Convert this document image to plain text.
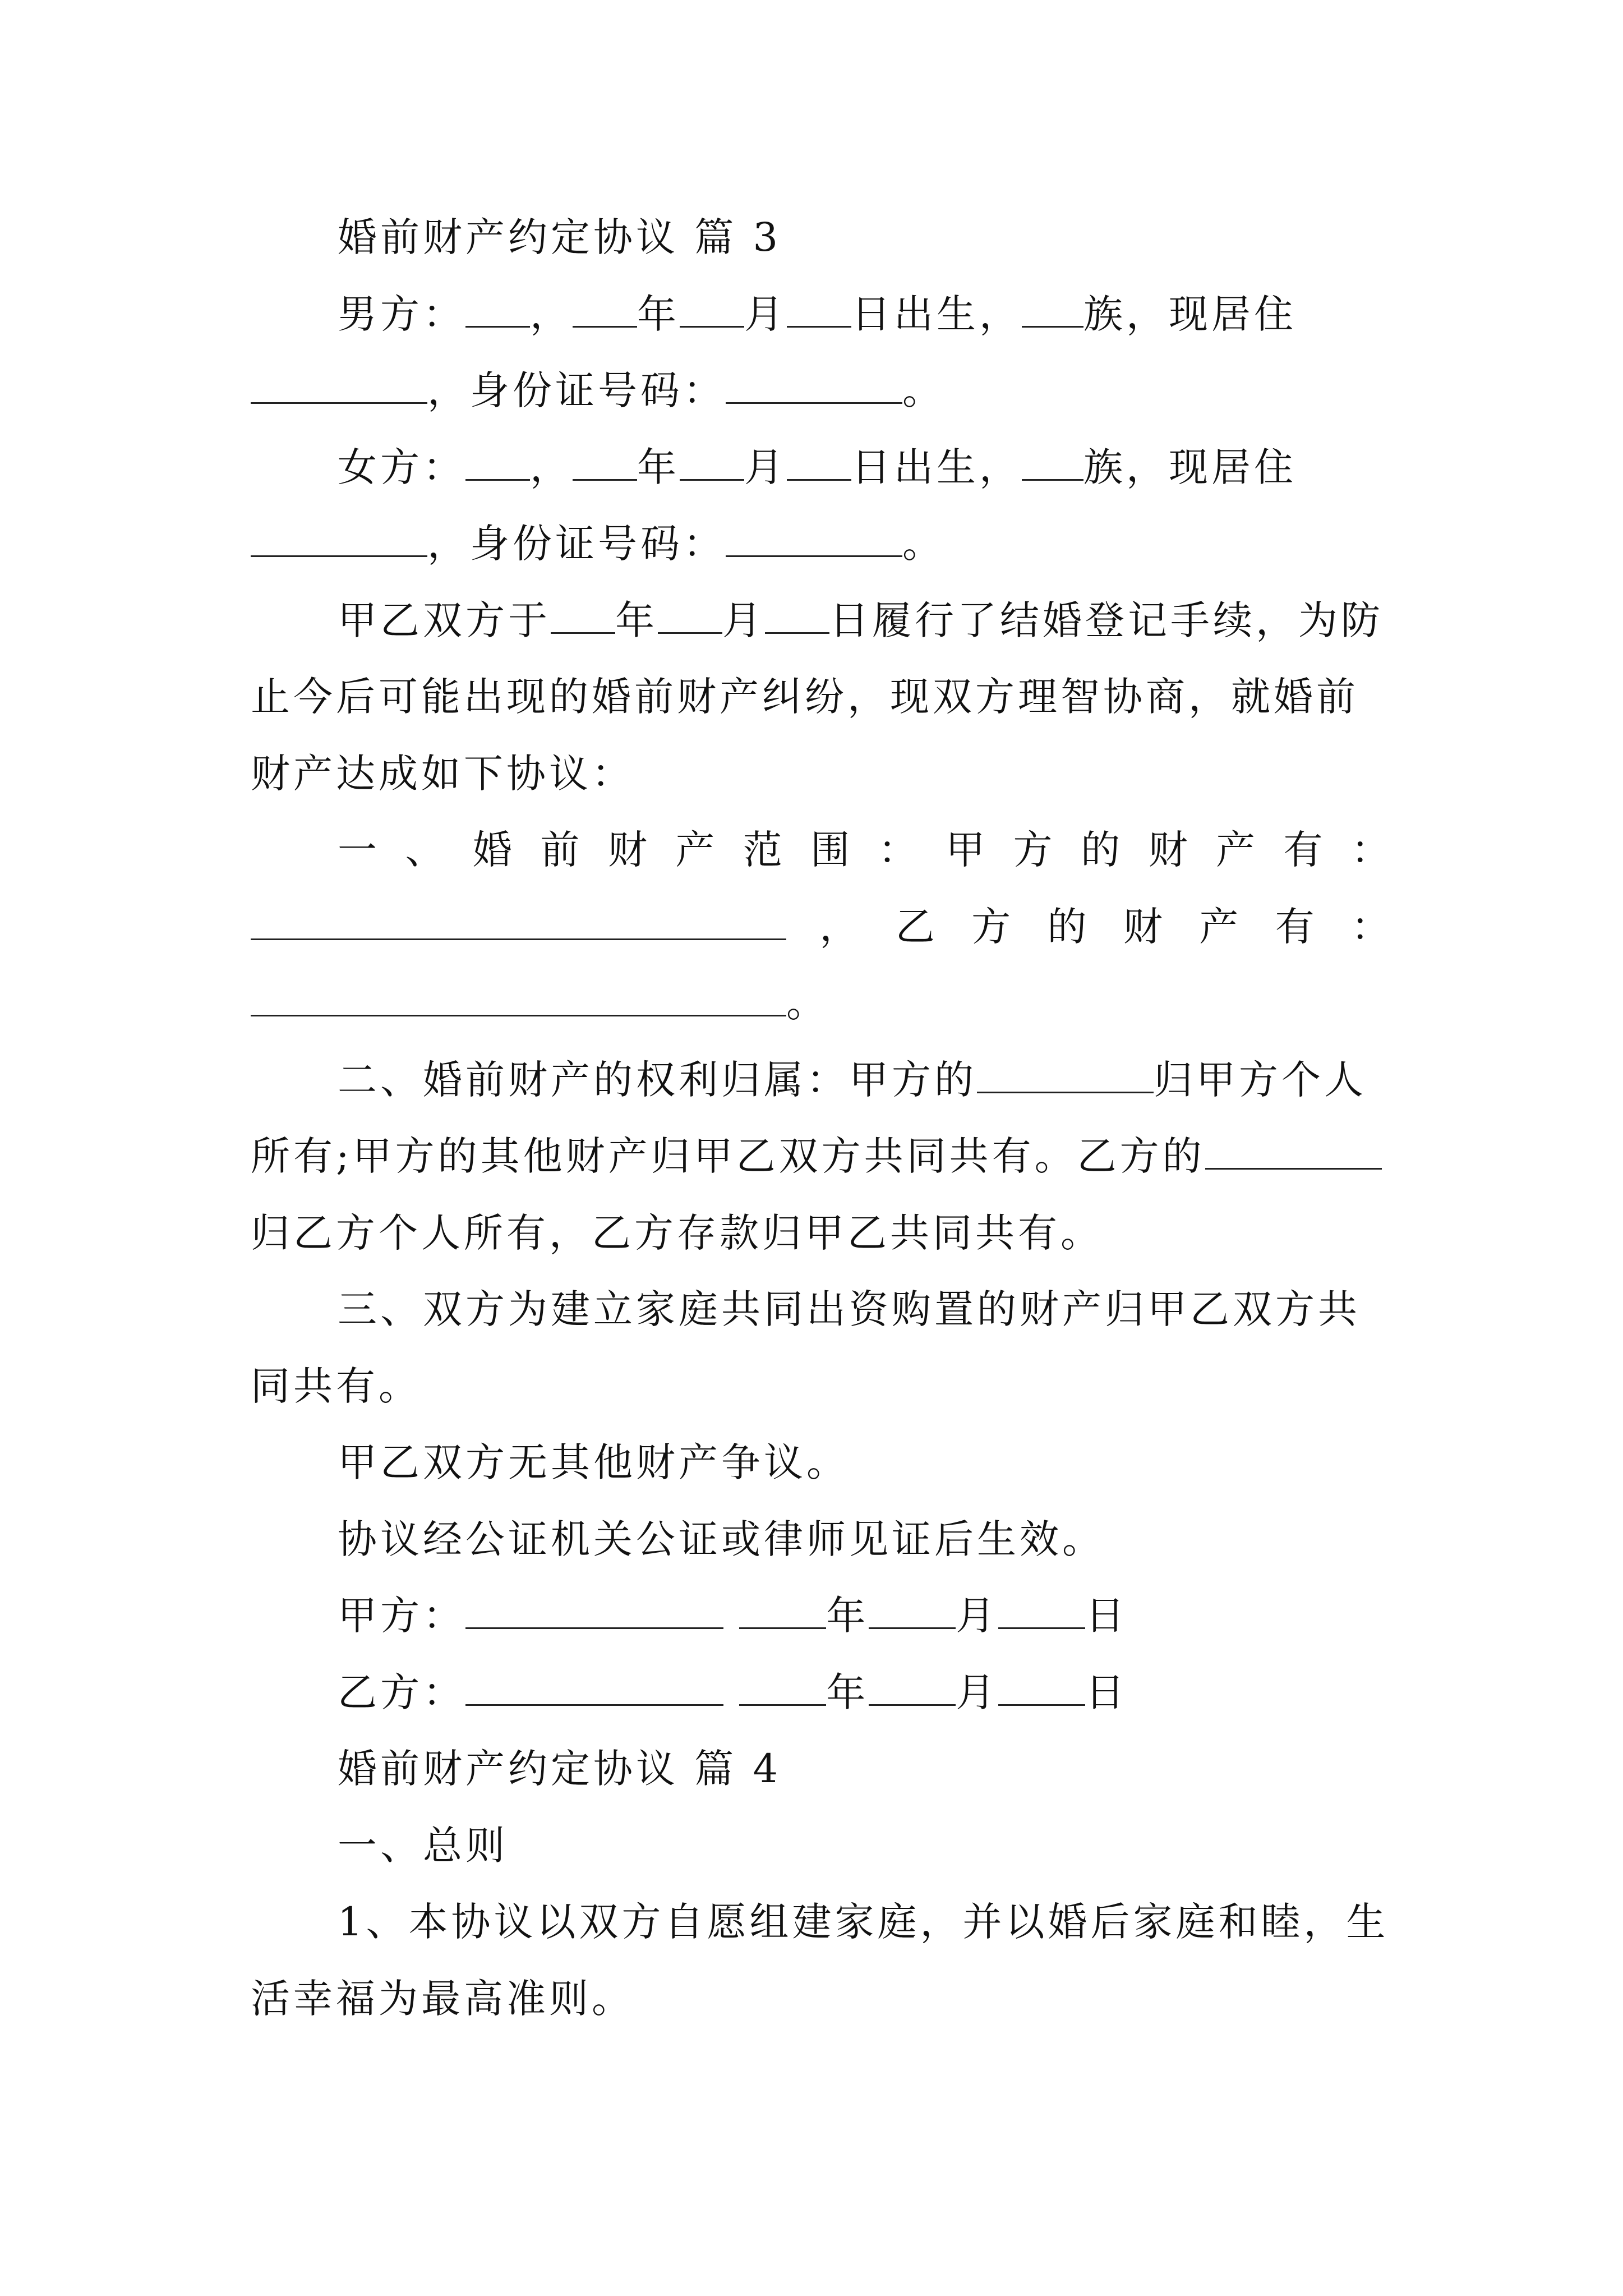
婚前财产约定协议 篇 3

男方： ， 年 月 日出生， 族，现居住，身份证号码：	。

女方： ， 年 月 日出生， 族，现居住，身份证号码：	。

甲乙双方于 年 月 日履行了结婚登记手续，为防止今后可能出现的婚前财产纠纷，现双方理智协商，就婚前财产达成如下协议：

一、婚前财产范围：甲方的财产有：，乙方的财产有：

。

二、婚前财产的权利归属：甲方的	归甲方个人所有;甲方的其他财产归甲乙双方共同共有。乙方的归乙方个人所有，乙方存款归甲乙共同共有。

三、双方为建立家庭共同出资购置的财产归甲乙双方共同共有。

甲乙双方无其他财产争议。

协议经公证机关公证或律师见证后生效。

甲方：	年 月 日

乙方：	年 月 日

婚前财产约定协议 篇 4

一、总则

1、本协议以双方自愿组建家庭，并以婚后家庭和睦，生活幸福为最高准则。
